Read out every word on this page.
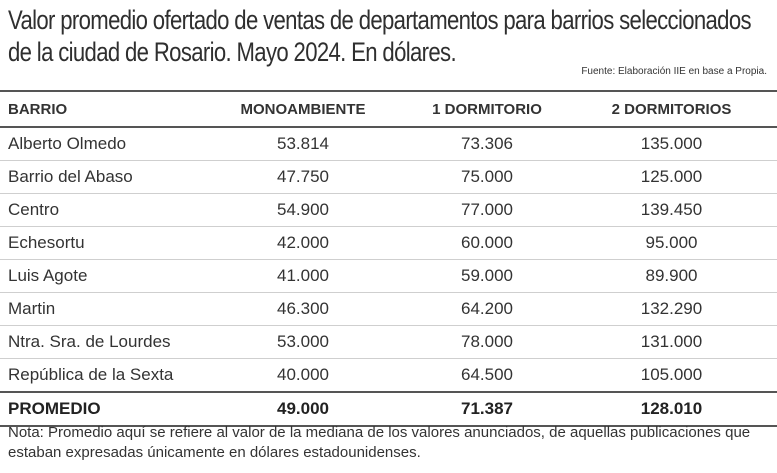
Valor promedio ofertado de ventas de departamentos para barrios seleccionados
de la ciudad de Rosario. Mayo 2024. En dólares.
Fuente: Elaboración IIE en base a Propia.
BARRIO	MONOAMBIENTE	1 DORMITORIO	2 DORMITORIOS
Alberto Olmedo	53.814	73.306	135.000
Barrio del Abaso	47.750	75.000	125.000
Centro	54.900	77.000	139.450
Echesortu	42.000	60.000	95.000
Luis Agote	41.000	59.000	89.900
Martin	46.300	64.200	132.290
Ntra. Sra. de Lourdes	53.000	78.000	131.000
República de la Sexta	40.000	64.500	105.000
PROMEDIO	49.000	71.387	128.010
Nota: Promedio aquí se refiere al valor de la mediana de los valores anunciados, de aquellas publicaciones que estaban expresadas únicamente en dólares estadounidenses.
